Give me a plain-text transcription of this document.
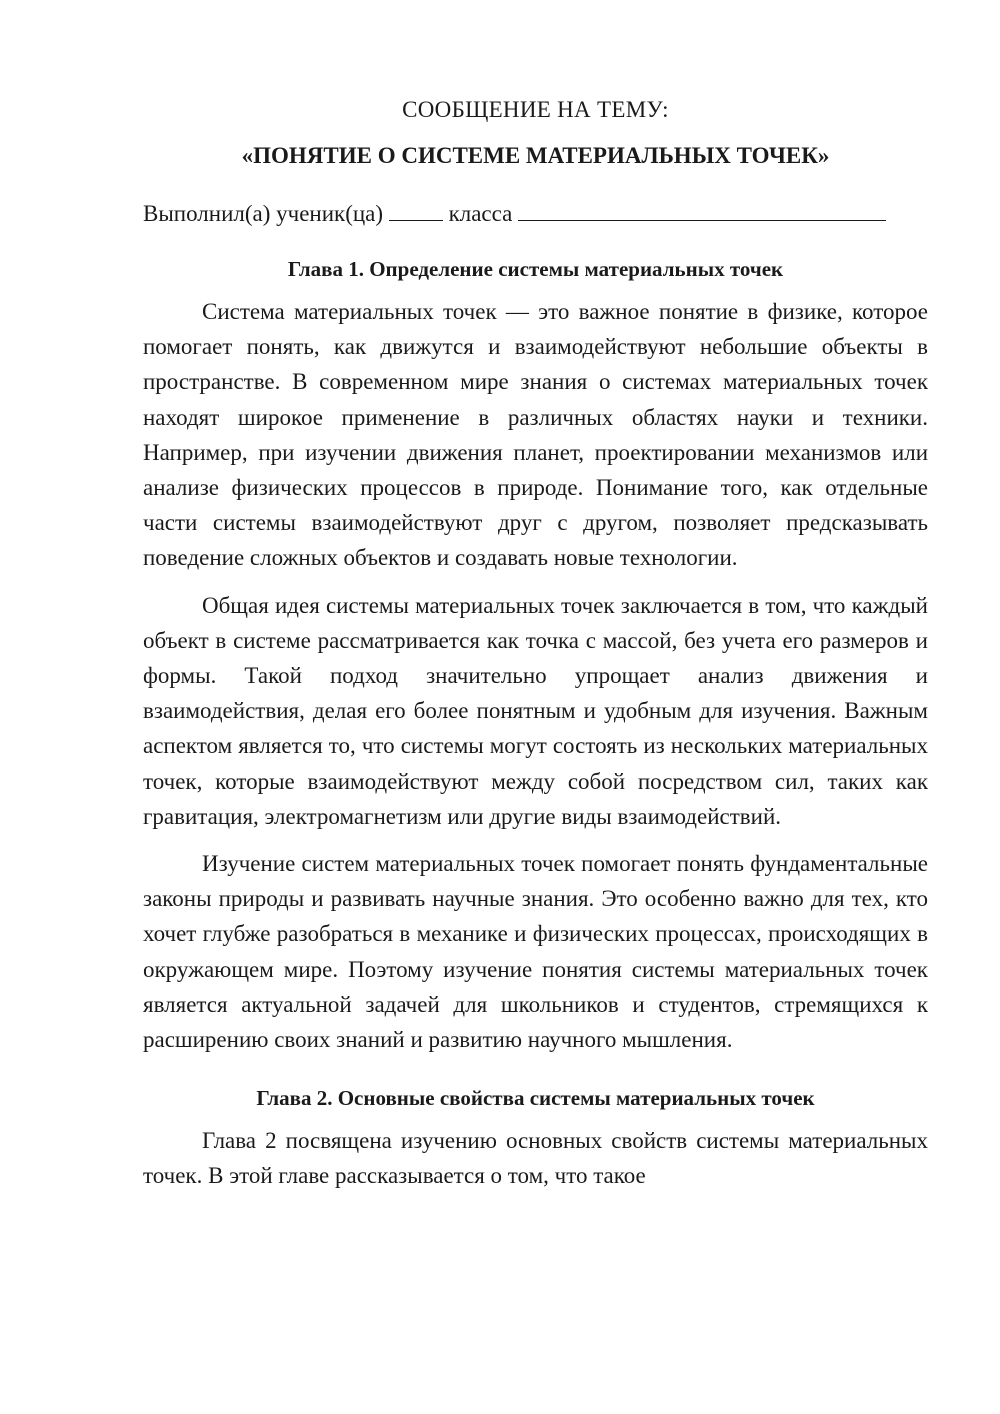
СООБЩЕНИЕ НА ТЕМУ:
«ПОНЯТИЕ О СИСТЕМЕ МАТЕРИАЛЬНЫХ ТОЧЕК»
Выполнил(а) ученик(ца)	класса
Глава 1. Определение системы материальных точек

Система материальных точек — это важное понятие в физике, которое помогает понять, как движутся и взаимодействуют небольшие объекты в пространстве. В современном мире знания о системах материальных точек находят широкое применение в различных областях науки и техники. Например, при изучении движения планет, проектировании механизмов или анализе физических процессов в природе. Понимание того, как отдельные части системы взаимодействуют друг с другом, позволяет предсказывать поведение сложных объектов и создавать новые технологии.

Общая идея системы материальных точек заключается в том, что каждый объект в системе рассматривается как точка с массой, без учета его размеров и формы. Такой подход значительно упрощает анализ движения и взаимодействия, делая его более понятным и удобным для изучения. Важным аспектом является то, что системы могут состоять из нескольких материальных точек, которые взаимодействуют между собой посредством сил, таких как гравитация, электромагнетизм или другие виды взаимодействий.

Изучение систем материальных точек помогает понять фундаментальные законы природы и развивать научные знания. Это особенно важно для тех, кто хочет глубже разобраться в механике и физических процессах, происходящих в окружающем мире. Поэтому изучение понятия системы материальных точек является актуальной задачей для школьников и студентов, стремящихся к расширению своих знаний и развитию научного мышления.

Глава 2. Основные свойства системы материальных точек

Глава 2 посвящена изучению основных свойств системы материальных точек. В этой главе рассказывается о том, что такое
